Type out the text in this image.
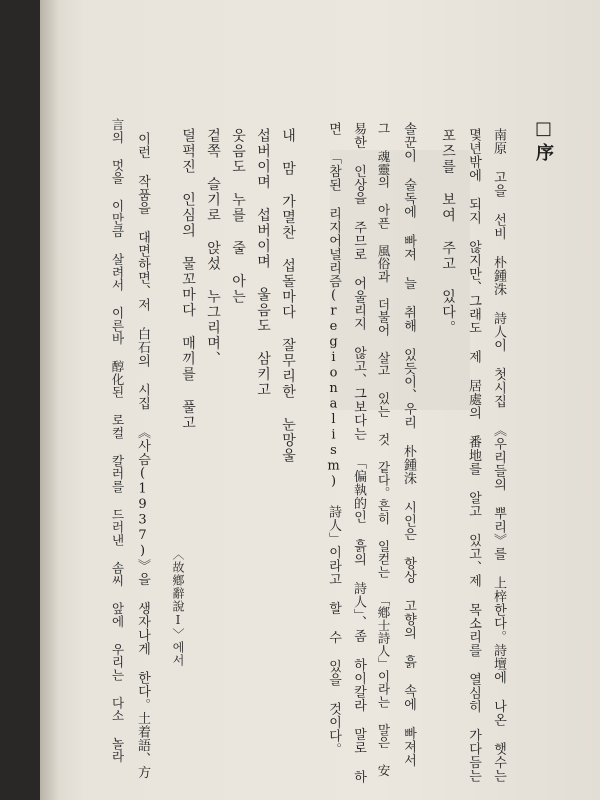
□序
南原 고을 선비 朴鍾洙 詩人이 첫시집 《우리들의 뿌리》를 上梓한다。詩壇에 나온 햇수는
몇년밖에 되지 않지만、그래도 제 居處의 番地를 알고 있고、제 목소리를 열심히 가다듬는
포즈를 보여 주고 있다。
솔꾼이 술독에 빠져 늘 취해 있듯이、우리 朴鍾洙 시인은 항상 고향의 흙 속에 빠져서
그 魂靈의 아픈 風俗과 더불어 살고 있는 것 같다。흔히 일컫는 「鄕士詩人」이라는 말은 安
易한 인상을 주므로 어울리지 않고、그보다는 「偏執的인 흙의 詩人」、좀 하이칼라 말로 하
면 「참된 리지어널리즘(regionalism) 詩人」이라고 할 수 있을 것이다。
내 맘 가멸찬 섭돌마다 잘무리한 눈망울
섭버이며 섭버이며 울음도 삼키고
웃음도 누를 줄 아는
겉쪽 슬기로 앉섰 누그리며、
덜퍽진 인심의 물꼬마다 매끼를 풀고
〈故鄕辭說Ⅰ〉에서
이런 작품을 대면하면、저 白石의 시집 《사슴(1937)》을 생자나게 한다。土着語、方
言의 멋을 이만큼 살려서 이른바 醇化된 로컬 칼러를 드러낸 솜씨 앞에 우리는 다소 놀라
